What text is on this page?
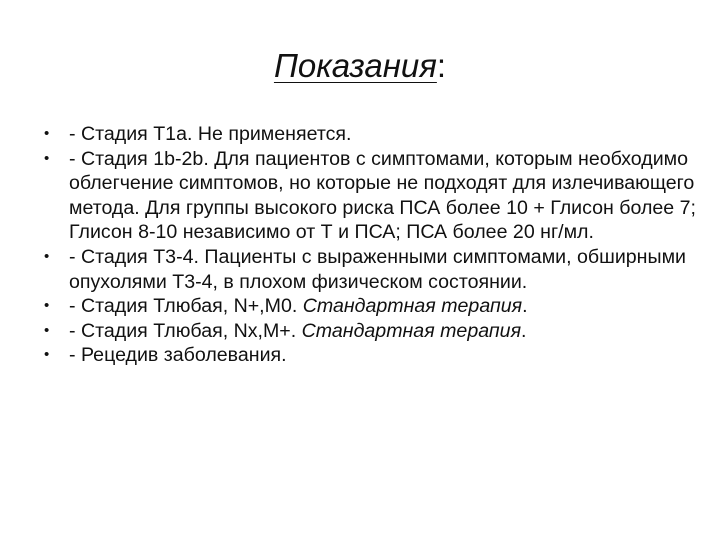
Показания:
• - Стадия Т1а. Не применяется.
• - Стадия 1b-2b. Для пациентов с симптомами, которым необходимо облегчение симптомов, но которые не подходят для излечивающего метода. Для группы высокого риска ПСА более 10 + Глисон более 7; Глисон 8-10 независимо от Т и ПСА; ПСА более 20 нг/мл.
• - Стадия Т3-4. Пациенты с выраженными симптомами, обширными опухолями Т3-4, в плохом физическом состоянии.
• - Стадия Тлюбая, N+,М0. Стандартная терапия.
• - Стадия Тлюбая, Nx,М+. Стандартная терапия.
• - Рецедив заболевания.
